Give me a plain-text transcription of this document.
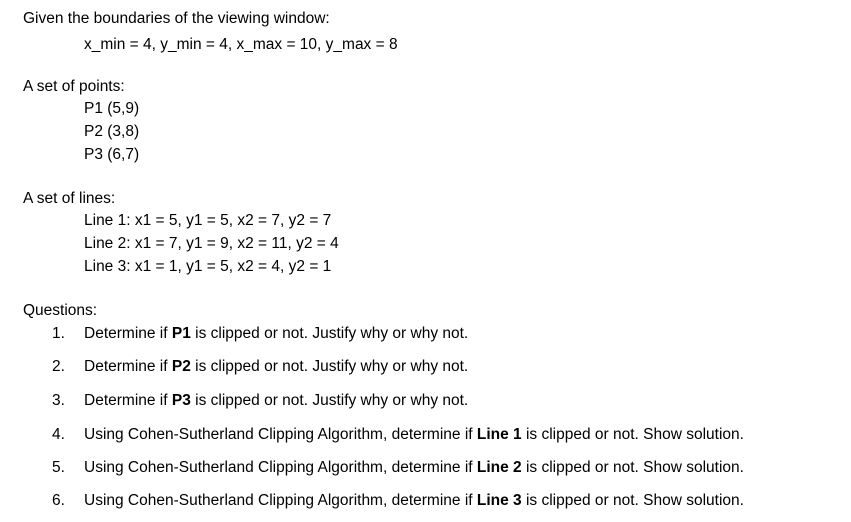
Given the boundaries of the viewing window:
x_min = 4, y_min = 4, x_max = 10, y_max = 8
A set of points:
P1 (5,9)
P2 (3,8)
P3 (6,7)
A set of lines:
Line 1: x1 = 5, y1 = 5, x2 = 7, y2 = 7
Line 2: x1 = 7, y1 = 9, x2 = 11, y2 = 4
Line 3: x1 = 1, y1 = 5, x2 = 4, y2 = 1
Questions:
1. Determine if P1 is clipped or not. Justify why or why not.
2. Determine if P2 is clipped or not. Justify why or why not.
3. Determine if P3 is clipped or not. Justify why or why not.
4. Using Cohen-Sutherland Clipping Algorithm, determine if Line 1 is clipped or not. Show solution.
5. Using Cohen-Sutherland Clipping Algorithm, determine if Line 2 is clipped or not. Show solution.
6. Using Cohen-Sutherland Clipping Algorithm, determine if Line 3 is clipped or not. Show solution.
